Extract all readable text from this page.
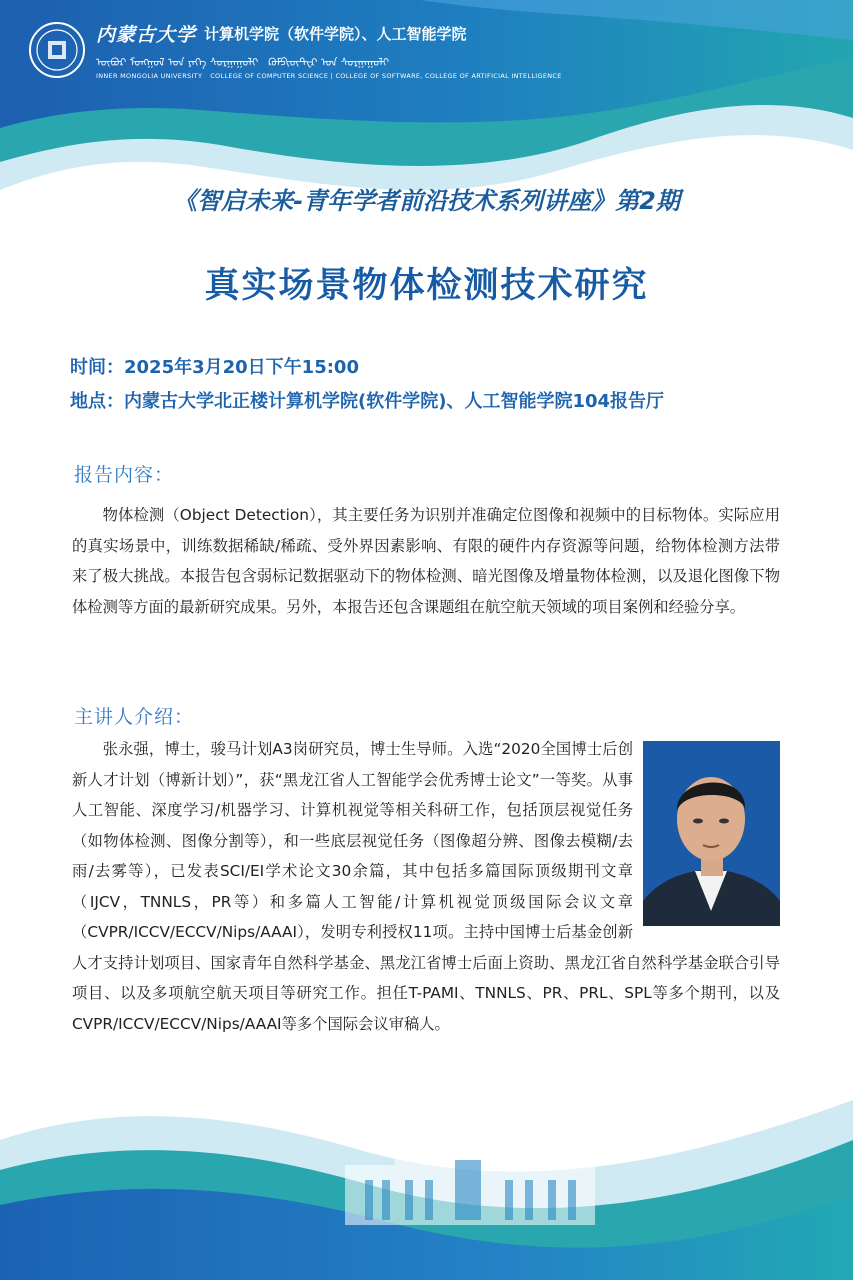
内蒙古大学 计算机学院（软件学院）、人工智能学院
ᠥᠪᠦᠷ ᠮᠣᠩᠭᠣᠯ ᠤᠨ ᠶᠡᠬᠡ ᠰᠤᠷᠭᠠᠭᠤᠯᠢ ᠺᠣᠮᠫᠢᠦ᠋ᠲ᠋ᠧᠷ ᠤᠨ ᠰᠤᠷᠭᠠᠭᠤᠯᠢ
INNER MONGOLIA UNIVERSITY COLLEGE OF COMPUTER SCIENCE | COLLEGE OF SOFTWARE, COLLEGE OF ARTIFICIAL INTELLIGENCE
《智启未来-青年学者前沿技术系列讲座》第2期
真实场景物体检测技术研究
时间：2025年3月20日下午15:00
地点：内蒙古大学北正楼计算机学院(软件学院)、人工智能学院104报告厅
报告内容：

物体检测（Object Detection），其主要任务为识别并准确定位图像和视频中的目标物体。实际应用的真实场景中，训练数据稀缺/稀疏、受外界因素影响、有限的硬件内存资源等问题，给物体检测方法带来了极大挑战。本报告包含弱标记数据驱动下的物体检测、暗光图像及增量物体检测，以及退化图像下物体检测等方面的最新研究成果。另外，本报告还包含课题组在航空航天领域的项目案例和经验分享。

主讲人介绍：

张永强，博士，骏马计划A3岗研究员，博士生导师。入选“2020全国博士后创新人才计划（博新计划）”，获“黑龙江省人工智能学会优秀博士论文”一等奖。从事人工智能、深度学习/机器学习、计算机视觉等相关科研工作，包括顶层视觉任务（如物体检测、图像分割等），和一些底层视觉任务（图像超分辨、图像去模糊/去雨/去雾等），已发表SCI/EI学术论文30余篇，其中包括多篇国际顶级期刊文章（IJCV，TNNLS，PR等）和多篇人工智能/计算机视觉顶级国际会议文章（CVPR/ICCV/ECCV/Nips/AAAI），发明专利授权11项。主持中国博士后基金创新人才支持计划项目、国家青年自然科学基金、黑龙江省博士后面上资助、黑龙江省自然科学基金联合引导项目、以及多项航空航天项目等研究工作。担任T-PAMI、TNNLS、PR、PRL、SPL等多个期刊，以及CVPR/ICCV/ECCV/Nips/AAAI等多个国际会议审稿人。
